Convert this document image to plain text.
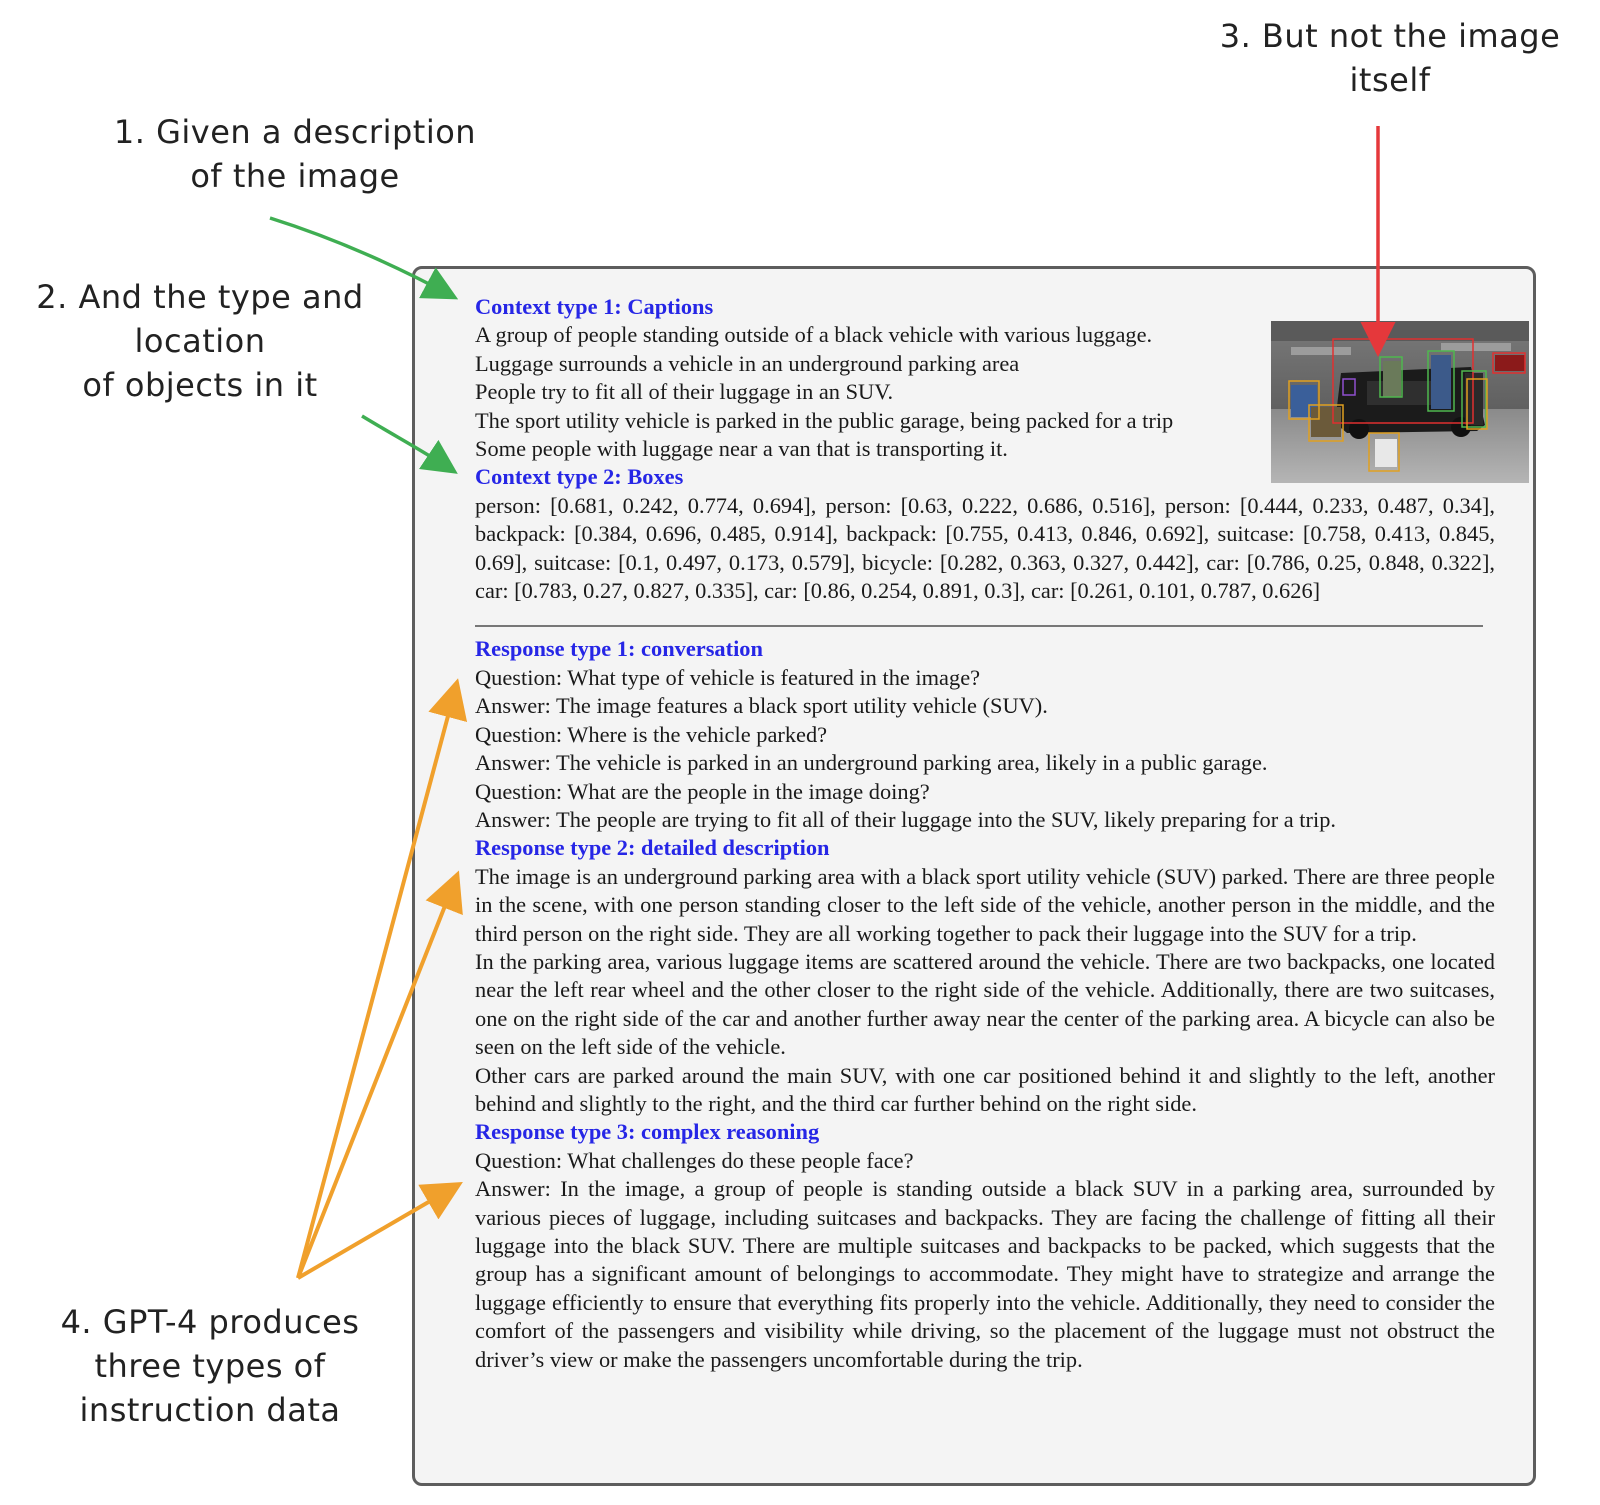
1. Given a description
of the image
2. And the type and
location
of objects in it
3. But not the image
itself
4. GPT-4 produces
three types of
instruction data
Context type 1: Captions
A group of people standing outside of a black vehicle with various luggage.
Luggage surrounds a vehicle in an underground parking area
People try to fit all of their luggage in an SUV.
The sport utility vehicle is parked in the public garage, being packed for a trip
Some people with luggage near a van that is transporting it.
Context type 2: Boxes
person: [0.681, 0.242, 0.774, 0.694], person: [0.63, 0.222, 0.686, 0.516], person: [0.444, 0.233, 0.487, 0.34], backpack: [0.384, 0.696, 0.485, 0.914], backpack: [0.755, 0.413, 0.846, 0.692], suitcase: [0.758, 0.413, 0.845, 0.69], suitcase: [0.1, 0.497, 0.173, 0.579], bicycle: [0.282, 0.363, 0.327, 0.442], car: [0.786, 0.25, 0.848, 0.322], car: [0.783, 0.27, 0.827, 0.335], car: [0.86, 0.254, 0.891, 0.3], car: [0.261, 0.101, 0.787, 0.626]
Response type 1: conversation
Question: What type of vehicle is featured in the image?
Answer: The image features a black sport utility vehicle (SUV).
Question: Where is the vehicle parked?
Answer: The vehicle is parked in an underground parking area, likely in a public garage.
Question: What are the people in the image doing?
Answer: The people are trying to fit all of their luggage into the SUV, likely preparing for a trip.
Response type 2: detailed description
The image is an underground parking area with a black sport utility vehicle (SUV) parked. There are three people in the scene, with one person standing closer to the left side of the vehicle, another person in the middle, and the third person on the right side. They are all working together to pack their luggage into the SUV for a trip.
In the parking area, various luggage items are scattered around the vehicle. There are two backpacks, one located near the left rear wheel and the other closer to the right side of the vehicle. Additionally, there are two suitcases, one on the right side of the car and another further away near the center of the parking area. A bicycle can also be seen on the left side of the vehicle.
Other cars are parked around the main SUV, with one car positioned behind it and slightly to the left, another behind and slightly to the right, and the third car further behind on the right side.
Response type 3: complex reasoning
Question: What challenges do these people face?
Answer: In the image, a group of people is standing outside a black SUV in a parking area, surrounded by various pieces of luggage, including suitcases and backpacks. They are facing the challenge of fitting all their luggage into the black SUV. There are multiple suitcases and backpacks to be packed, which suggests that the group has a significant amount of belongings to accommodate. They might have to strategize and arrange the luggage efficiently to ensure that everything fits properly into the vehicle. Additionally, they need to consider the comfort of the passengers and visibility while driving, so the placement of the luggage must not obstruct the driver’s view or make the passengers uncomfortable during the trip.
